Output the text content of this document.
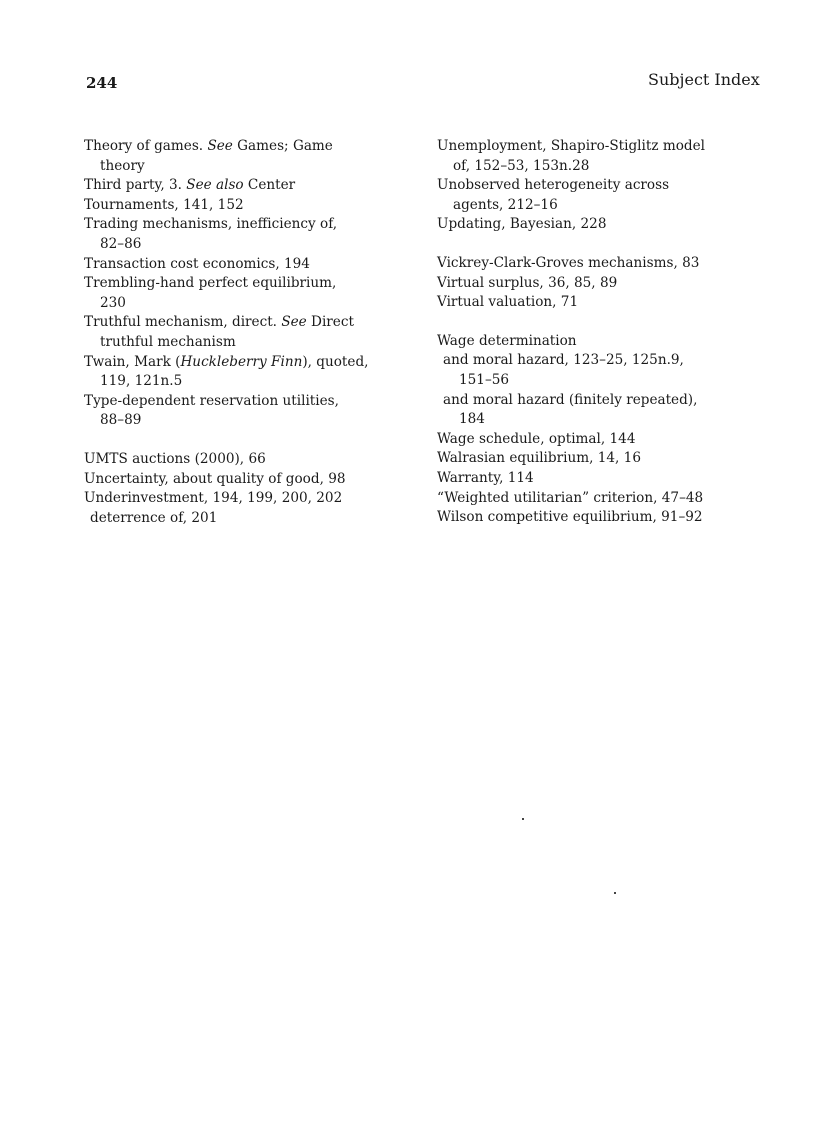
244	Subject Index
Theory of games. See Games; Game
theory
Third party, 3. See also Center
Tournaments, 141, 152
Trading mechanisms, inefficiency of,
82–86
Transaction cost economics, 194
Trembling-hand perfect equilibrium,
230
Truthful mechanism, direct. See Direct
truthful mechanism
Twain, Mark (Huckleberry Finn), quoted,
119, 121n.5
Type-dependent reservation utilities,
88–89
UMTS auctions (2000), 66
Uncertainty, about quality of good, 98
Underinvestment, 194, 199, 200, 202
deterrence of, 201
Unemployment, Shapiro-Stiglitz model
of, 152–53, 153n.28
Unobserved heterogeneity across
agents, 212–16
Updating, Bayesian, 228
Vickrey-Clark-Groves mechanisms, 83
Virtual surplus, 36, 85, 89
Virtual valuation, 71
Wage determination
and moral hazard, 123–25, 125n.9,
151–56
and moral hazard (finitely repeated),
184
Wage schedule, optimal, 144
Walrasian equilibrium, 14, 16
Warranty, 114
“Weighted utilitarian” criterion, 47–48
Wilson competitive equilibrium, 91–92
